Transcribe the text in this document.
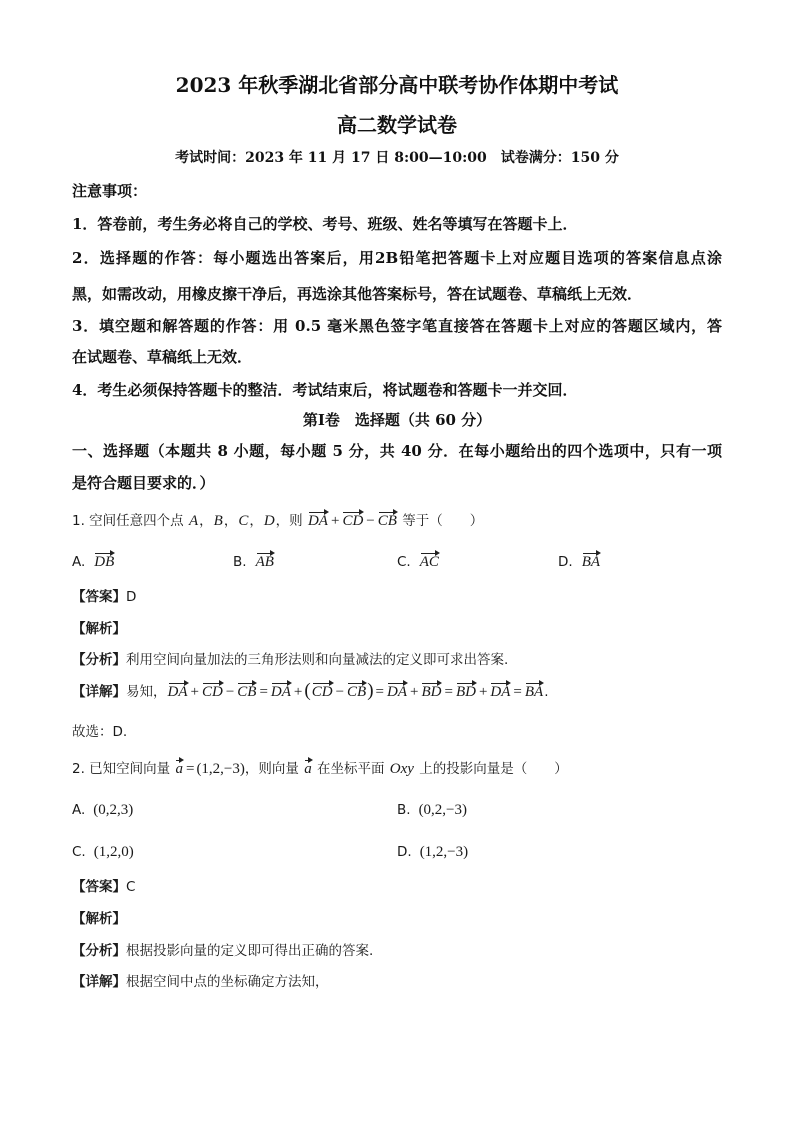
2023 年秋季湖北省部分高中联考协作体期中考试
高二数学试卷
考试时间：2023 年 11 月 17 日 8:00—10:00　试卷满分：150 分
注意事项：
1．答卷前，考生务必将自己的学校、考号、班级、姓名等填写在答题卡上．
2．选择题的作答：每小题选出答案后，用2B铅笔把答题卡上对应题目选项的答案信息点涂
黑，如需改动，用橡皮擦干净后，再选涂其他答案标号，答在试题卷、草稿纸上无效．
3．填空题和解答题的作答：用 0.5 毫米黑色签字笔直接答在答题卡上对应的答题区域内，答
在试题卷、草稿纸上无效．
4．考生必须保持答题卡的整洁．考试结束后，将试题卷和答题卡一并交回．
第Ⅰ卷　选择题（共 60 分）
一、选择题（本题共 8 小题，每小题 5 分，共 40 分．在每小题给出的四个选项中，只有一项
是符合题目要求的．）
1. 空间任意四个点 A，B，C，D，则 DA + CD − CB 等于（　　）
A. DB	B. AB	C. AC	D. BA
【答案】D
【解析】
【分析】利用空间向量加法的三角形法则和向量减法的定义即可求出答案.
【详解】易知，DA + CD − CB = DA + (CD − CB) = DA + BD = BD + DA = BA.
故选：D.
2. 已知空间向量 a = (1,2,−3)，则向量 a 在坐标平面 Oxy 上的投影向量是（　　）
A. (0,2,3)	B. (0,2,−3)
C. (1,2,0)	D. (1,2,−3)
【答案】C
【解析】
【分析】根据投影向量的定义即可得出正确的答案.
【详解】根据空间中点的坐标确定方法知，
